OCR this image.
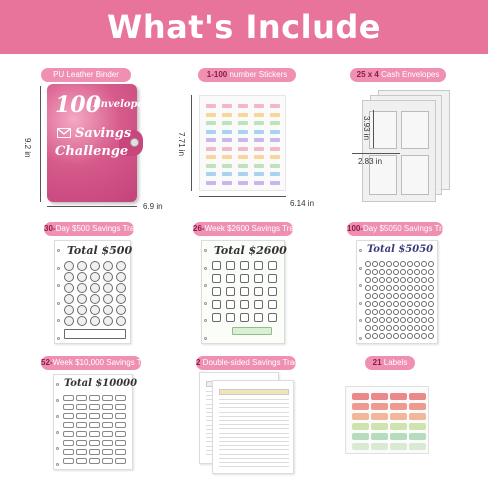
What's Include
PU Leather Binder
100
Envelope
Savings
Challenge
9.2 in
6.9 in
1-100 number Stickers
7.71 in
6.14 in
25 x 4 Cash Envelopes
3.93 in
2.83 in
30-Day $500 Savings Tracker
Total $500
26-Week $2600 Savings Tracker
Total $2600
100-Day $5050 Savings Tracker
Total $5050
52-Week $10,000 Savings Tracker
Total $10000
2 Double-sided Savings Trackers	21 Labels
